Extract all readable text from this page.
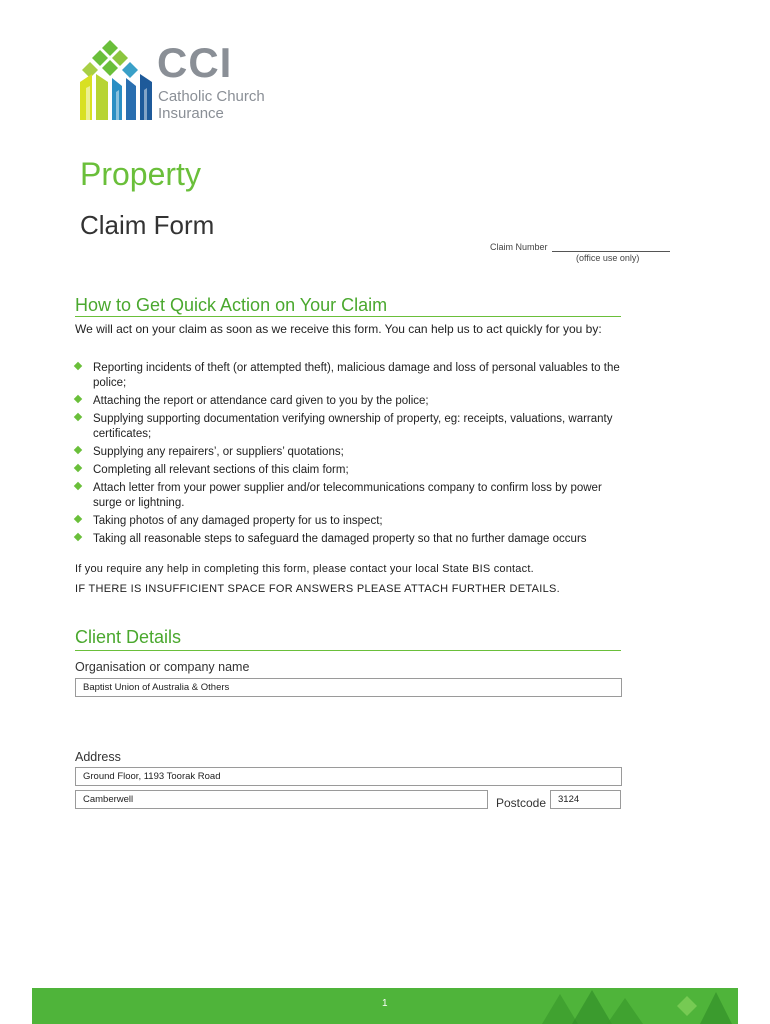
CCI
Catholic Church
Insurance
Property
Claim Form
Claim Number
(office use only)
How to Get Quick Action on Your Claim
We will act on your claim as soon as we receive this form. You can help us to act quickly for you by:
Reporting incidents of theft (or attempted theft), malicious damage and loss of personal valuables to the police;
Attaching the report or attendance card given to you by the police;
Supplying supporting documentation verifying ownership of property, eg: receipts, valuations, warranty certificates;
Supplying any repairers’, or suppliers’ quotations;
Completing all relevant sections of this claim form;
Attach letter from your power supplier and/or telecommunications company to confirm loss by power surge or lightning.
Taking photos of any damaged property for us to inspect;
Taking all reasonable steps to safeguard the damaged property so that no further damage occurs
If you require any help in completing this form, please contact your local State BIS contact.
IF THERE IS INSUFFICIENT SPACE FOR ANSWERS PLEASE ATTACH FURTHER DETAILS.
Client Details
Organisation or company name
Baptist Union of Australia & Others
Address
Ground Floor, 1193 Toorak Road
Camberwell	Postcode	3124
1
